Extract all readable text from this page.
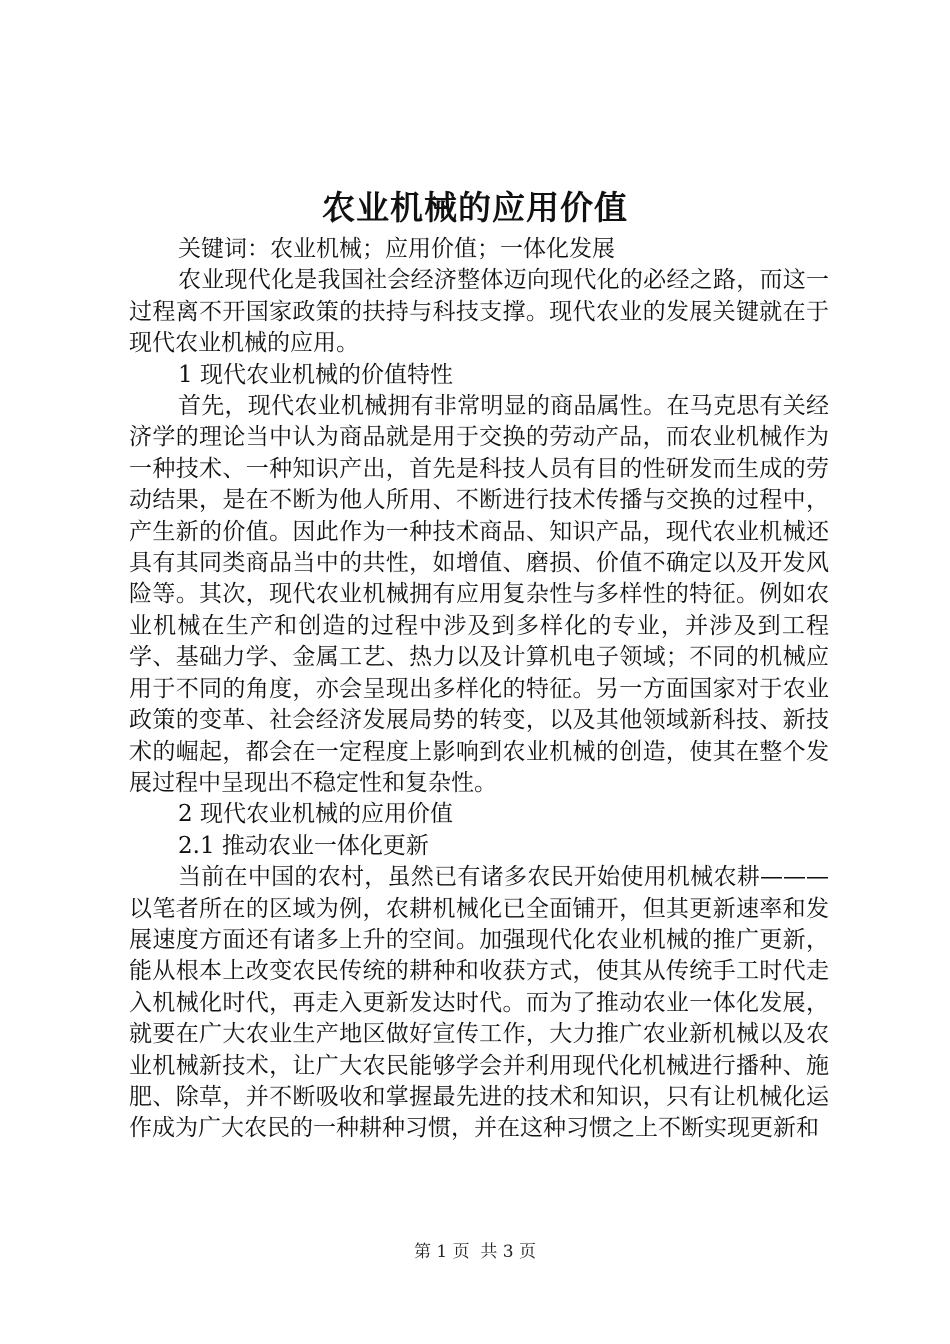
农业机械的应用价值

关键词：农业机械；应用价值；一体化发展

农业现代化是我国社会经济整体迈向现代化的必经之路，而这一过程离不开国家政策的扶持与科技支撑。现代农业的发展关键就在于现代农业机械的应用。

1 现代农业机械的价值特性

首先，现代农业机械拥有非常明显的商品属性。在马克思有关经济学的理论当中认为商品就是用于交换的劳动产品，而农业机械作为一种技术、一种知识产出，首先是科技人员有目的性研发而生成的劳动结果，是在不断为他人所用、不断进行技术传播与交换的过程中，产生新的价值。因此作为一种技术商品、知识产品，现代农业机械还具有其同类商品当中的共性，如增值、磨损、价值不确定以及开发风险等。其次，现代农业机械拥有应用复杂性与多样性的特征。例如农业机械在生产和创造的过程中涉及到多样化的专业，并涉及到工程学、基础力学、金属工艺、热力以及计算机电子领域；不同的机械应用于不同的角度，亦会呈现出多样化的特征。另一方面国家对于农业政策的变革、社会经济发展局势的转变，以及其他领域新科技、新技术的崛起，都会在一定程度上影响到农业机械的创造，使其在整个发展过程中呈现出不稳定性和复杂性。

2 现代农业机械的应用价值

2.1 推动农业一体化更新

当前在中国的农村，虽然已有诸多农民开始使用机械农耕———以笔者所在的区域为例，农耕机械化已全面铺开，但其更新速率和发展速度方面还有诸多上升的空间。加强现代化农业机械的推广更新，能从根本上改变农民传统的耕种和收获方式，使其从传统手工时代走入机械化时代，再走入更新发达时代。而为了推动农业一体化发展，就要在广大农业生产地区做好宣传工作，大力推广农业新机械以及农业机械新技术，让广大农民能够学会并利用现代化机械进行播种、施肥、除草，并不断吸收和掌握最先进的技术和知识，只有让机械化运作成为广大农民的一种耕种习惯，并在这种习惯之上不断实现更新和

第 1 页 共 3 页
